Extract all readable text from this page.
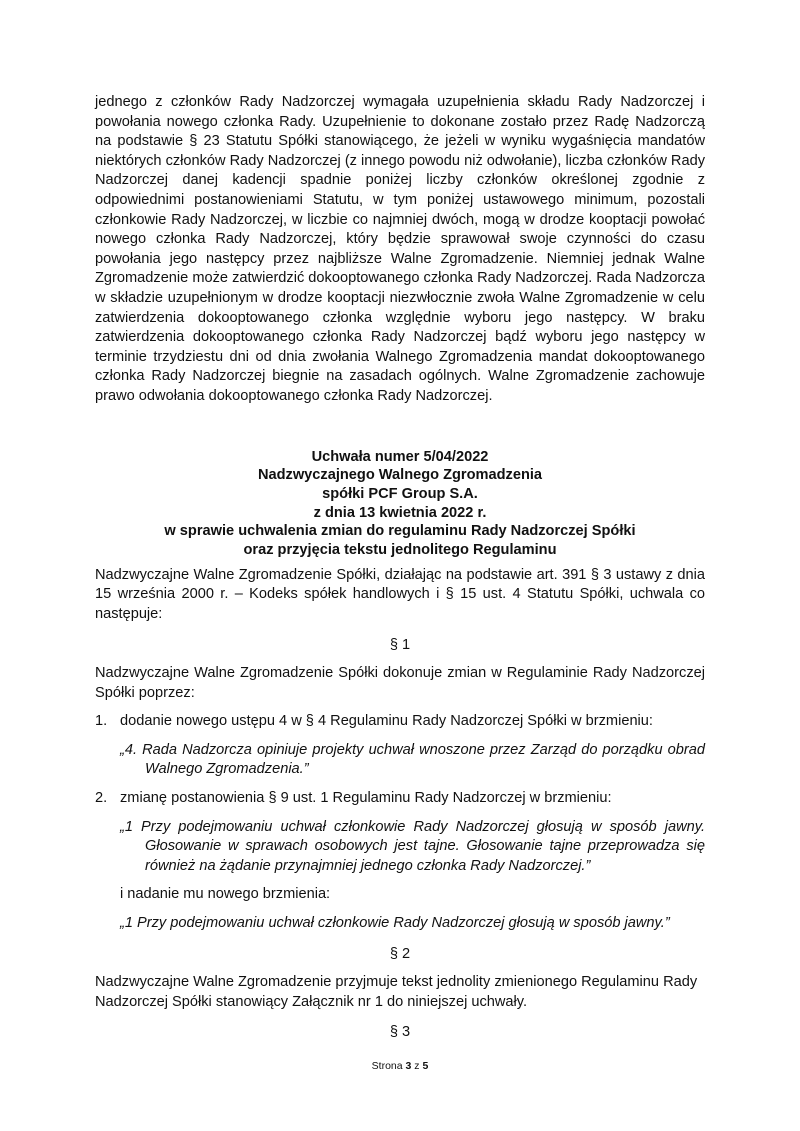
jednego z członków Rady Nadzorczej wymagała uzupełnienia składu Rady Nadzorczej i powołania nowego członka Rady. Uzupełnienie to dokonane zostało przez Radę Nadzorczą na podstawie § 23 Statutu Spółki stanowiącego, że jeżeli w wyniku wygaśnięcia mandatów niektórych członków Rady Nadzorczej (z innego powodu niż odwołanie), liczba członków Rady Nadzorczej danej kadencji spadnie poniżej liczby członków określonej zgodnie z odpowiednimi postanowieniami Statutu, w tym poniżej ustawowego minimum, pozostali członkowie Rady Nadzorczej, w liczbie co najmniej dwóch, mogą w drodze kooptacji powołać nowego członka Rady Nadzorczej, który będzie sprawował swoje czynności do czasu powołania jego następcy przez najbliższe Walne Zgromadzenie. Niemniej jednak Walne Zgromadzenie może zatwierdzić dokooptowanego członka Rady Nadzorczej. Rada Nadzorcza w składzie uzupełnionym w drodze kooptacji niezwłocznie zwoła Walne Zgromadzenie w celu zatwierdzenia dokooptowanego członka względnie wyboru jego następcy. W braku zatwierdzenia dokooptowanego członka Rady Nadzorczej bądź wyboru jego następcy w terminie trzydziestu dni od dnia zwołania Walnego Zgromadzenia mandat dokooptowanego członka Rady Nadzorczej biegnie na zasadach ogólnych. Walne Zgromadzenie zachowuje prawo odwołania dokooptowanego członka Rady Nadzorczej.

Uchwała numer 5/04/2022

Nadzwyczajnego Walnego Zgromadzenia

spółki PCF Group S.A.

z dnia 13 kwietnia 2022 r.

w sprawie uchwalenia zmian do regulaminu Rady Nadzorczej Spółki

oraz przyjęcia tekstu jednolitego Regulaminu

Nadzwyczajne Walne Zgromadzenie Spółki, działając na podstawie art. 391 § 3 ustawy z dnia 15 września 2000 r. – Kodeks spółek handlowych i § 15 ust. 4 Statutu Spółki, uchwala co następuje:

§ 1

Nadzwyczajne Walne Zgromadzenie Spółki dokonuje zmian w Regulaminie Rady Nadzorczej Spółki poprzez:

1. dodanie nowego ustępu 4 w § 4 Regulaminu Rady Nadzorczej Spółki w brzmieniu:

„4. Rada Nadzorcza opiniuje projekty uchwał wnoszone przez Zarząd do porządku obrad Walnego Zgromadzenia.”

2. zmianę postanowienia § 9 ust. 1 Regulaminu Rady Nadzorczej w brzmieniu:

„1 Przy podejmowaniu uchwał członkowie Rady Nadzorczej głosują w sposób jawny. Głosowanie w sprawach osobowych jest tajne. Głosowanie tajne przeprowadza się również na żądanie przynajmniej jednego członka Rady Nadzorczej.”

i nadanie mu nowego brzmienia:

„1 Przy podejmowaniu uchwał członkowie Rady Nadzorczej głosują w sposób jawny.”

§ 2

Nadzwyczajne Walne Zgromadzenie przyjmuje tekst jednolity zmienionego Regulaminu Rady Nadzorczej Spółki stanowiący Załącznik nr 1 do niniejszej uchwały.

§ 3

Strona 3 z 5
